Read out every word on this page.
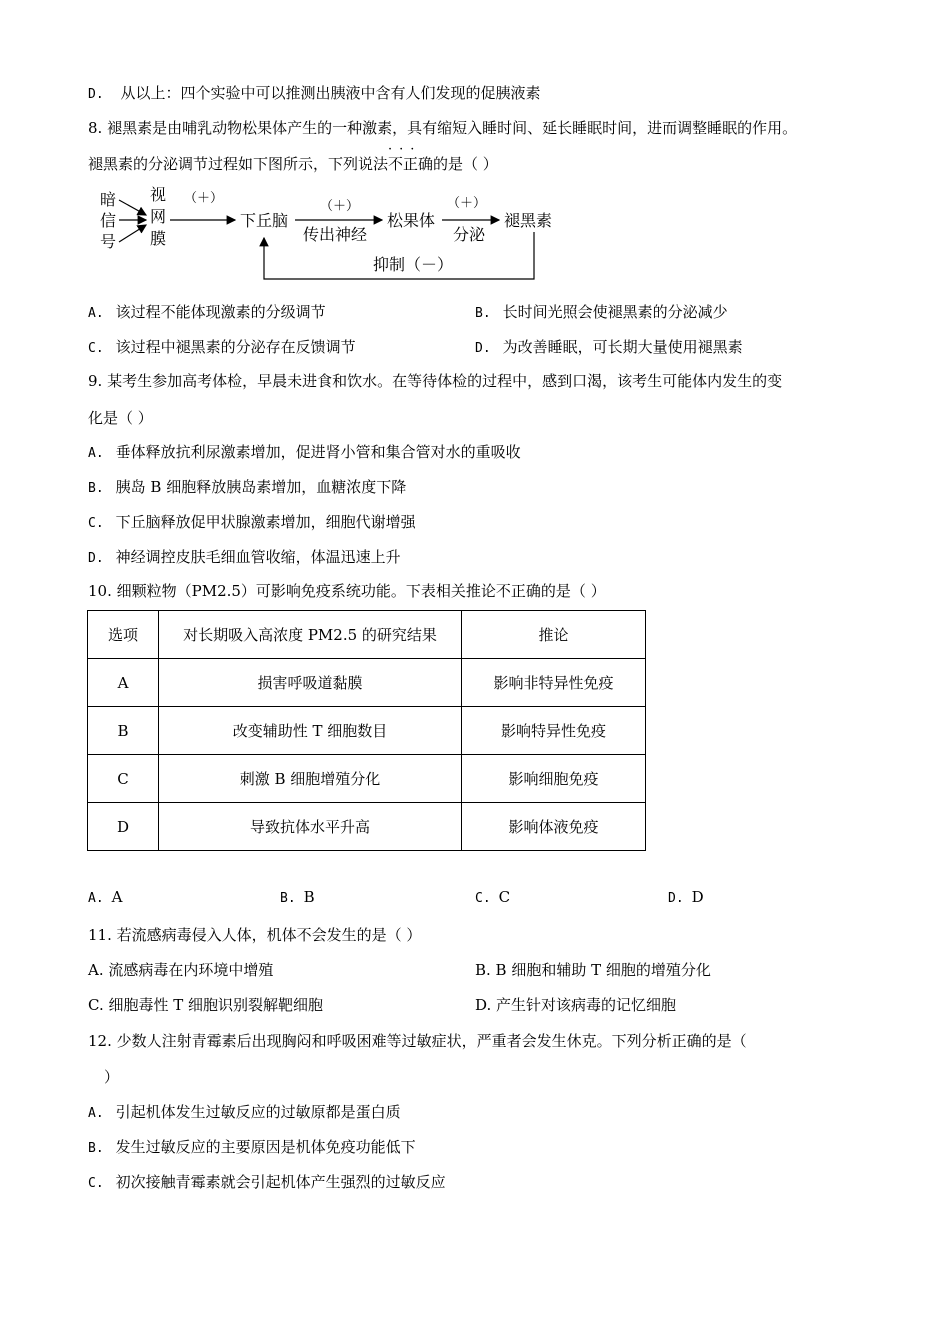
D. 从以上：四个实验中可以推测出胰液中含有人们发现的促胰液素
8. 褪黑素是由哺乳动物松果体产生的一种激素，具有缩短入睡时间、延长睡眠时间，进而调整睡眠的作用。
褪黑素的分泌调节过程如下图所示，下列说法不正确
···
的是（ ）
暗
信
号
视
网
膜
下丘脑	松果体	褪黑素
传出神经	分泌
抑制（－）
（＋）
（＋）	（＋）
A. 该过程不能体现激素的分级调节	B. 长时间光照会使褪黑素的分泌减少
C. 该过程中褪黑素的分泌存在反馈调节	D. 为改善睡眠，可长期大量使用褪黑素
9. 某考生参加高考体检，早晨未进食和饮水。在等待体检的过程中，感到口渴，该考生可能体内发生的变
化是（ ）
A. 垂体释放抗利尿激素增加，促进肾小管和集合管对水的重吸收
B. 胰岛 B 细胞释放胰岛素增加，血糖浓度下降
C. 下丘脑释放促甲状腺激素增加，细胞代谢增强
D. 神经调控皮肤毛细血管收缩，体温迅速上升
10. 细颗粒物（PM2.5）可影响免疫系统功能。下表相关推论不正确的是（ ）
选项	对长期吸入高浓度 PM2.5 的研究结果	推论
A	损害呼吸道黏膜	影响非特异性免疫
B	改变辅助性 T 细胞数目	影响特异性免疫
C	刺激 B 细胞增殖分化	影响细胞免疫
D	导致抗体水平升高	影响体液免疫
A. A	B. B	C. C	D. D
11. 若流感病毒侵入人体，机体不会发生的是（ ）
A. 流感病毒在内环境中增殖	B. B 细胞和辅助 T 细胞的增殖分化
C. 细胞毒性 T 细胞识别裂解靶细胞	D. 产生针对该病毒的记忆细胞
12. 少数人注射青霉素后出现胸闷和呼吸困难等过敏症状，严重者会发生休克。下列分析正确的是（
）
A. 引起机体发生过敏反应的过敏原都是蛋白质
B. 发生过敏反应的主要原因是机体免疫功能低下
C. 初次接触青霉素就会引起机体产生强烈的过敏反应
